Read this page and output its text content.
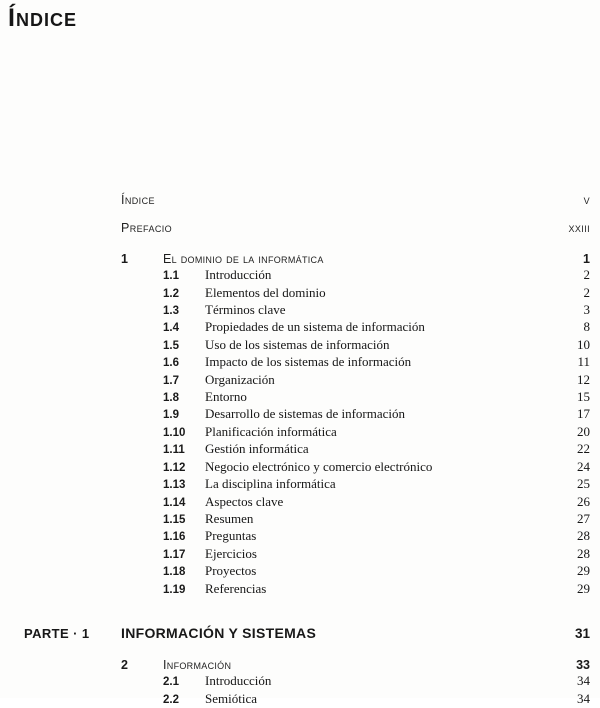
Índice
Índice	v
Prefacio	xxiii
1	El dominio de la informática	1
1.1	Introducción	2
1.2	Elementos del dominio	2
1.3	Términos clave	3
1.4	Propiedades de un sistema de información	8
1.5	Uso de los sistemas de información	10
1.6	Impacto de los sistemas de información	11
1.7	Organización	12
1.8	Entorno	15
1.9	Desarrollo de sistemas de información	17
1.10	Planificación informática	20
1.11	Gestión informática	22
1.12	Negocio electrónico y comercio electrónico	24
1.13	La disciplina informática	25
1.14	Aspectos clave	26
1.15	Resumen	27
1.16	Preguntas	28
1.17	Ejercicios	28
1.18	Proyectos	29
1.19	Referencias	29
PARTE · 1	INFORMACIÓN Y SISTEMAS	31
2	Información	33
2.1	Introducción	34
2.2	Semiótica	34
